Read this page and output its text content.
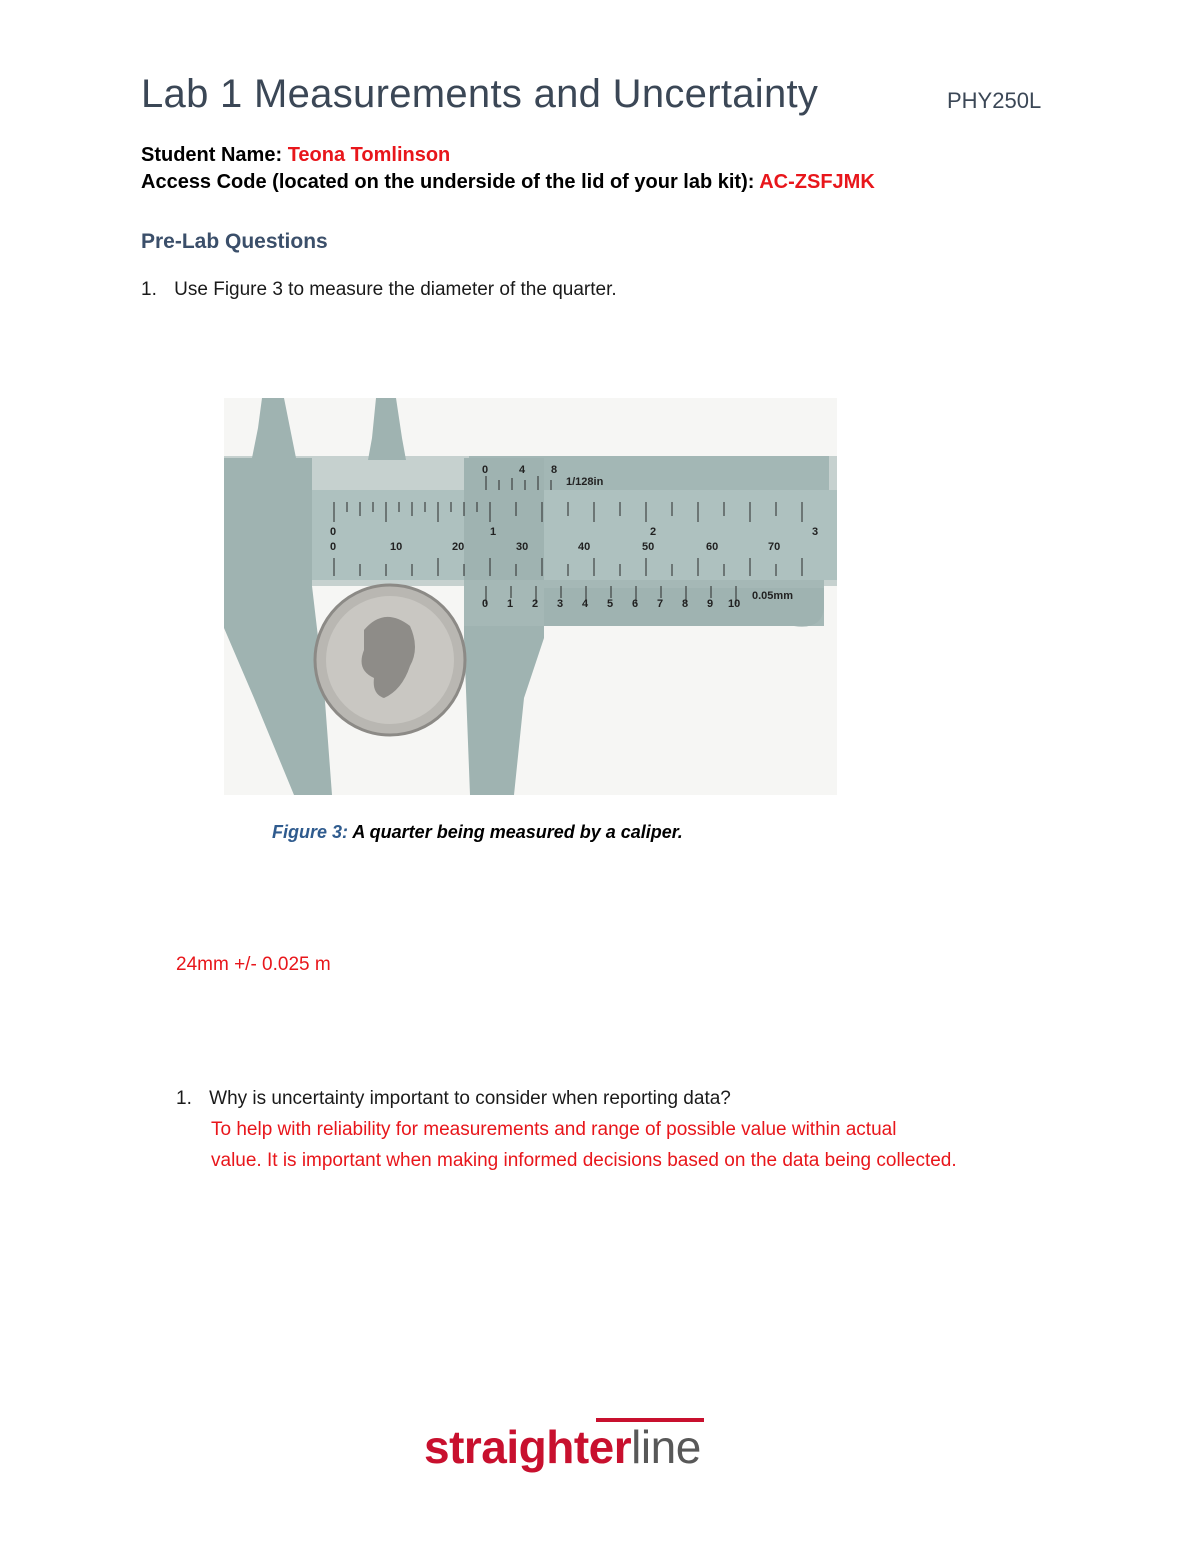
Lab 1 Measurements and Uncertainty	PHY250L
Student Name: Teona Tomlinson
Access Code (located on the underside of the lid of your lab kit): AC-ZSFJMK
Pre-Lab Questions
1. Use Figure 3 to measure the diameter of the quarter.
0	4 8
1/128in
0	1	2	3
0	10	20	30	40	50	60	70
0 1 2 3 4 5 6 7 8 9 10
0.05mm
Figure 3: A quarter being measured by a caliper.
24mm +/- 0.025 m
1. Why is uncertainty important to consider when reporting data?
To help with reliability for measurements and range of possible value within actual
value. It is important when making informed decisions based on the data being collected.
straighterline
